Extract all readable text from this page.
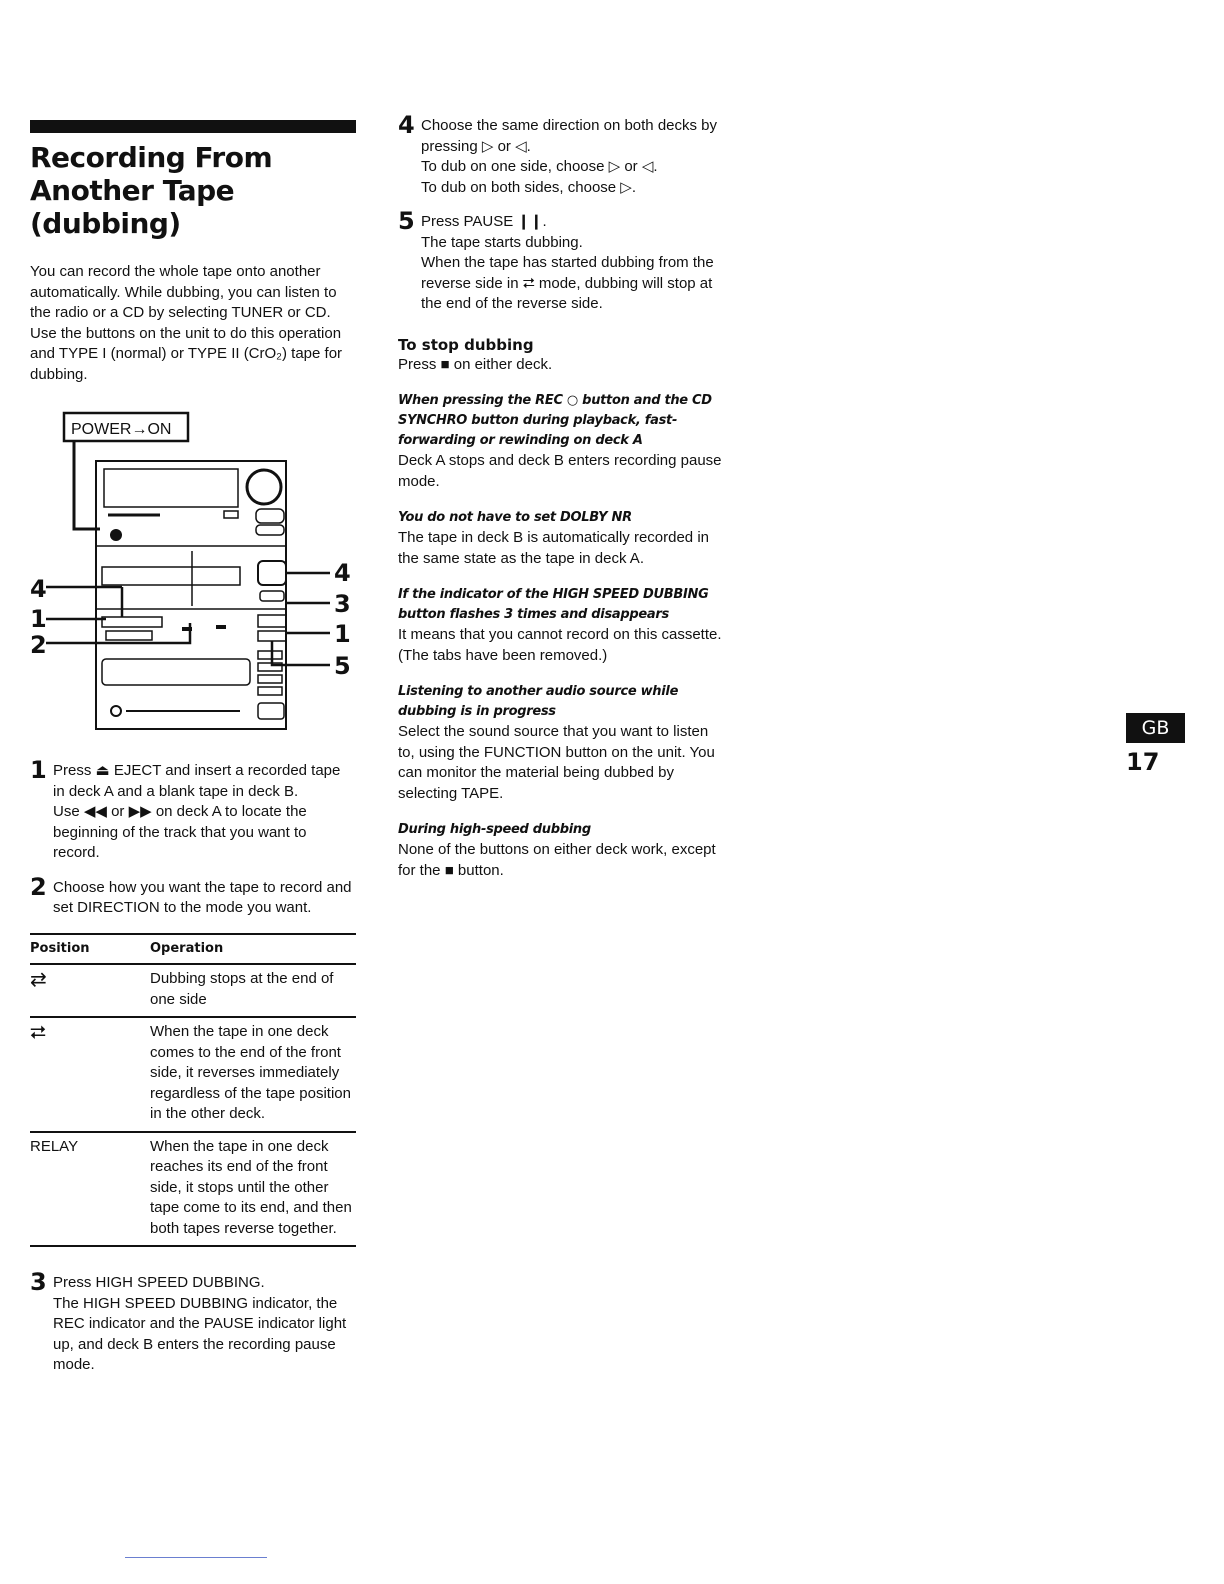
Recording From
Another Tape
(dubbing)

You can record the whole tape onto another automatically. While dubbing, you can listen to the radio or a CD by selecting TUNER or CD. Use the buttons on the unit to do this operation and TYPE I (normal) or TYPE II (CrO₂) tape for dubbing.

POWER→ON
4
1
2
4
3
1
5
1 Press ⏏ EJECT and insert a recorded tape in deck A and a blank tape in deck B.
Use ◀◀ or ▶▶ on deck A to locate the beginning of the track that you want to record.
2 Choose how you want the tape to record and set DIRECTION to the mode you want.
Position	Operation
⇄	Dubbing stops at the end of one side
⮂	When the tape in one deck comes to the end of the front side, it reverses immediately regardless of the tape position in the other deck.
RELAY	When the tape in one deck reaches its end of the front side, it stops until the other tape come to its end, and then both tapes reverse together.
3 Press HIGH SPEED DUBBING.
The HIGH SPEED DUBBING indicator, the REC indicator and the PAUSE indicator light up, and deck B enters the recording pause mode.
4 Choose the same direction on both decks by pressing ▷ or ◁.
To dub on one side, choose ▷ or ◁.
To dub on both sides, choose ▷.
5 Press PAUSE ❙❙.
The tape starts dubbing.
When the tape has started dubbing from the reverse side in ⮂ mode, dubbing will stop at the end of the reverse side.
To stop dubbing

Press ■ on either deck.

When pressing the REC ○ button and the CD SYNCHRO button during playback, fast-forwarding or rewinding on deck A

Deck A stops and deck B enters recording pause mode.

You do not have to set DOLBY NR

The tape in deck B is automatically recorded in the same state as the tape in deck A.

If the indicator of the HIGH SPEED DUBBING button flashes 3 times and disappears

It means that you cannot record on this cassette. (The tabs have been removed.)

Listening to another audio source while dubbing is in progress

Select the sound source that you want to listen to, using the FUNCTION button on the unit. You can monitor the material being dubbed by selecting TAPE.

During high-speed dubbing

None of the buttons on either deck work, except for the ■ button.

GB
17
